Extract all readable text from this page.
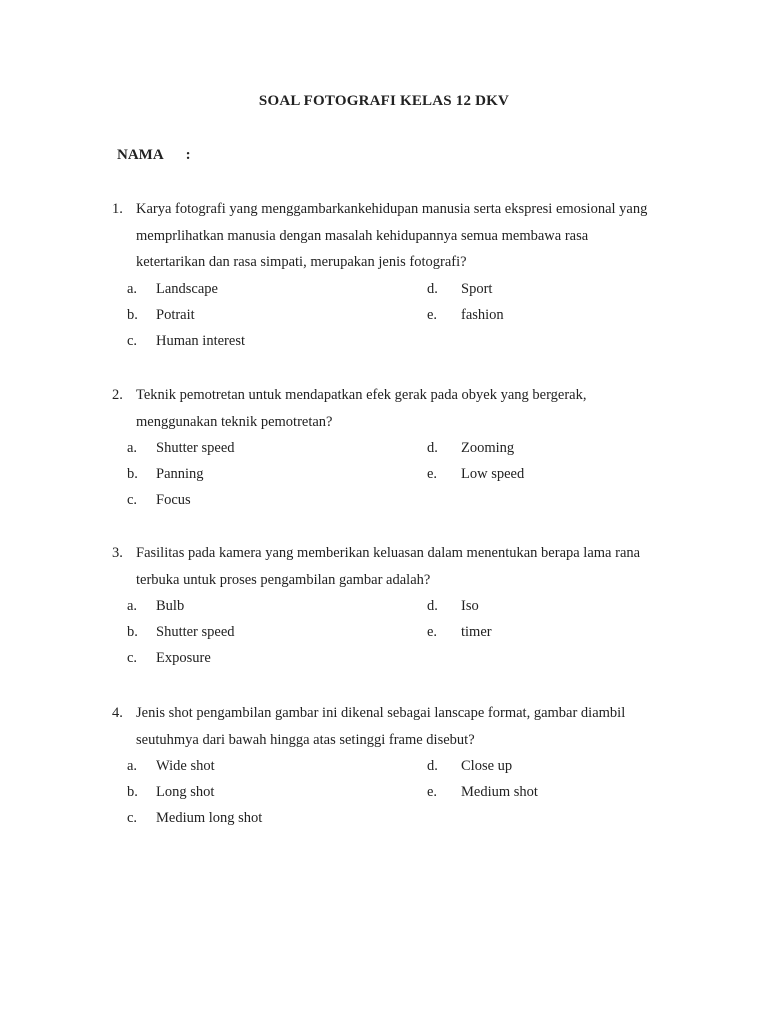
SOAL FOTOGRAFI KELAS 12 DKV
NAMA :
1. Karya fotografi yang menggambarkankehidupan manusia serta ekspresi emosional yang
memprlihatkan manusia dengan masalah kehidupannya semua membawa rasa
ketertarikan dan rasa simpati, merupakan jenis fotografi?
a.	Landscape	d.	Sport
b.	Potrait	e.	fashion
c.	Human interest
2. Teknik pemotretan untuk mendapatkan efek gerak pada obyek yang bergerak,
menggunakan teknik pemotretan?
a.	Shutter speed	d.	Zooming
b.	Panning	e.	Low speed
c.	Focus
3. Fasilitas pada kamera yang memberikan keluasan dalam menentukan berapa lama rana
terbuka untuk proses pengambilan gambar adalah?
a.	Bulb	d.	Iso
b.	Shutter speed	e.	timer
c.	Exposure
4. Jenis shot pengambilan gambar ini dikenal sebagai lanscape format, gambar diambil
seutuhmya dari bawah hingga atas setinggi frame disebut?
a.	Wide shot	d.	Close up
b.	Long shot	e.	Medium shot
c.	Medium long shot
